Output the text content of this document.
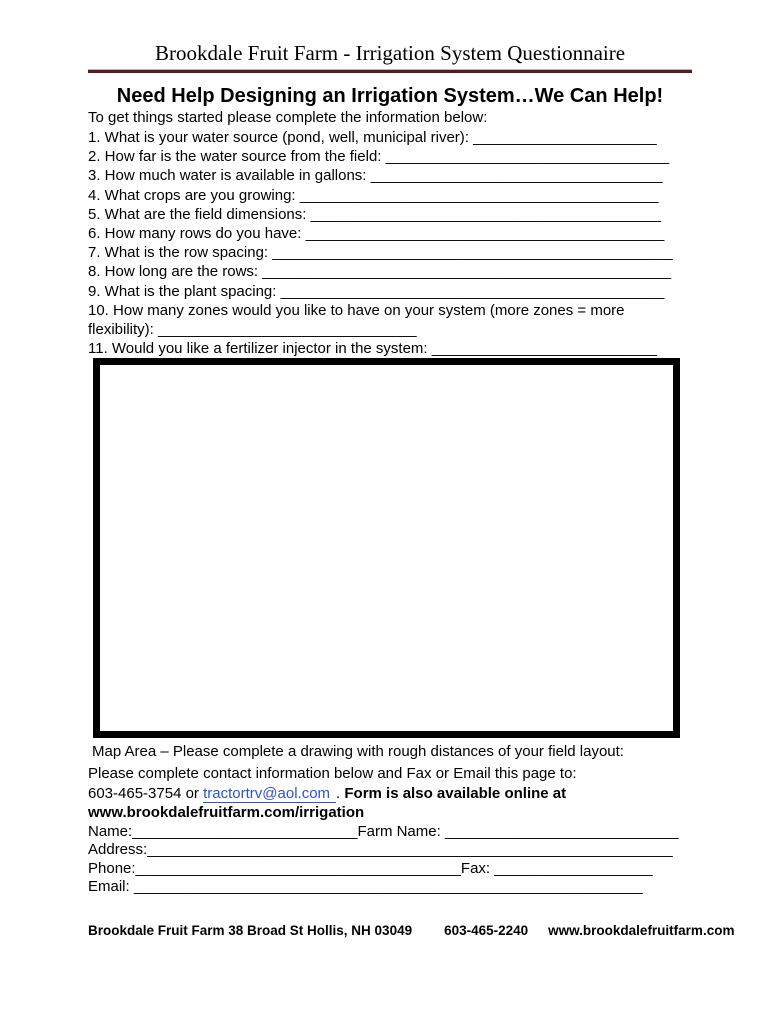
Brookdale Fruit Farm - Irrigation System Questionnaire
Need Help Designing an Irrigation System…We Can Help!

To get things started please complete the information below:

1. What is your water source (pond, well, municipal river): ______________________

2. How far is the water source from the field: __________________________________

3. How much water is available in gallons: ___________________________________

4. What crops are you growing: ___________________________________________

5. What are the field dimensions: __________________________________________

6. How many rows do you have: ___________________________________________

7. What is the row spacing: ________________________________________________

8. How long are the rows: _________________________________________________

9. What is the plant spacing: ______________________________________________

10. How many zones would you like to have on your system (more zones = more flexibility): _______________________________

11. Would you like a fertilizer injector in the system: ___________________________

Map Area – Please complete a drawing with rough distances of your field layout:

Please complete contact information below and Fax or Email this page to:
603-465-3754 or tractortrv@aol.com . Form is also available online at
www.brookdalefruitfarm.com/irrigation
Name:___________________________Farm Name: ____________________________
Address:_______________________________________________________________
Phone:_______________________________________Fax: ___________________
Email: _____________________________________________________________
Brookdale Fruit Farm 38 Broad St Hollis, NH 03049 603-465-2240 www.brookdalefruitfarm.com
